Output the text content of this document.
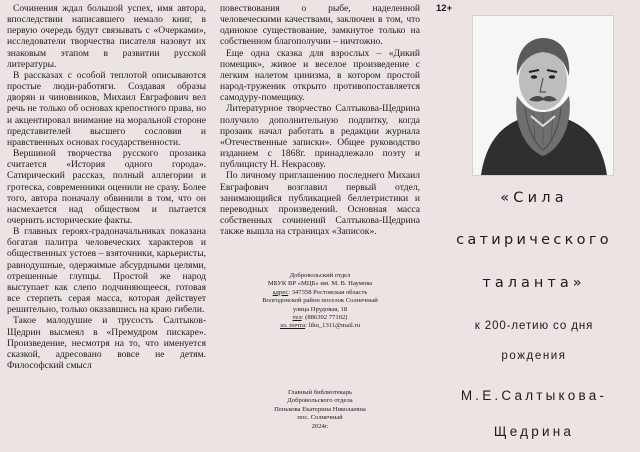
Сочинения ждал большой успех, имя автора, впоследствии написавшего немало книг, в первую очередь будут связывать с «Очерками», исследователи творчества писателя назовут их знаковым этапом в развитии русской литературы.

В рассказах с особой теплотой описываются простые люди-работяги. Создавая образы дворян и чиновников, Михаил Евграфович вел речь не только об основах крепостного права, но и акцентировал внимание на моральной стороне представителей высшего сословия и нравственных основах государственности.

Вершиной творчества русского прозаика считается «История одного города». Сатирический рассказ, полный аллегории и гротеска, современники оценили не сразу. Более того, автора поначалу обвинили в том, что он насмехается над обществом и пытается очернить исторические факты.

В главных героях-градоначальниках показана богатая палитра человеческих характеров и общественных устоев – взяточники, карьеристы, равнодушные, одержимые абсурдными целями, отрешенные глупцы. Простой же народ выступает как слепо подчиняющееся, готовая все стерпеть серая масса, которая действует решительно, только оказавшись на краю гибели.

Такое малодушие и трусость Салтыков-Щедрин высмеял в «Премудром пискаре». Произведение, несмотря на то, что именуется сказкой, адресовано вовсе не детям. Философский смысл

повествования о рыбе, наделенной человеческими качествами, заключен в том, что одинокое существование, замкнутое только на собственном благополучии – ничтожно.

Еще одна сказка для взрослых – «Дикий помещик», живое и веселое произведение с легким налетом цинизма, в котором простой народ-труженик открыто противопоставляется самодуру-помещику.

Литературное творчество Салтыкова-Щедрина получило дополнительную подпитку, когда прозаик начал работать в редакции журнала «Отечественные записки». Общее руководство изданием с 1868г. принадлежало поэту и публицисту Н. Некрасову.

По личному приглашению последнего Михаил Евграфович возглавил первый отдел, занимающийся публикацией беллетристики и переводных произведений. Основная масса собственных сочинений Салтыкова-Щедрина также вышла на страницах «Записок».

Добровольский отдел
МБУК ВР «МЦБ» им. М. В. Наумова
адрес: 347358 Ростовская область
Волгодонской район поселок Солнечный
улица Прудовая, 18
тел: (886392 77102)
эл. почта: lihu_1311@mail.ru
Главный библиотекарь
Добровольского отдела
Пенькова Екатерина Николаевна
пос. Солнечный
2024г.
12+
«Сила
сатирического
таланта»
к 200-летию со дня
рождения
М.Е.Салтыкова-
Щедрина
